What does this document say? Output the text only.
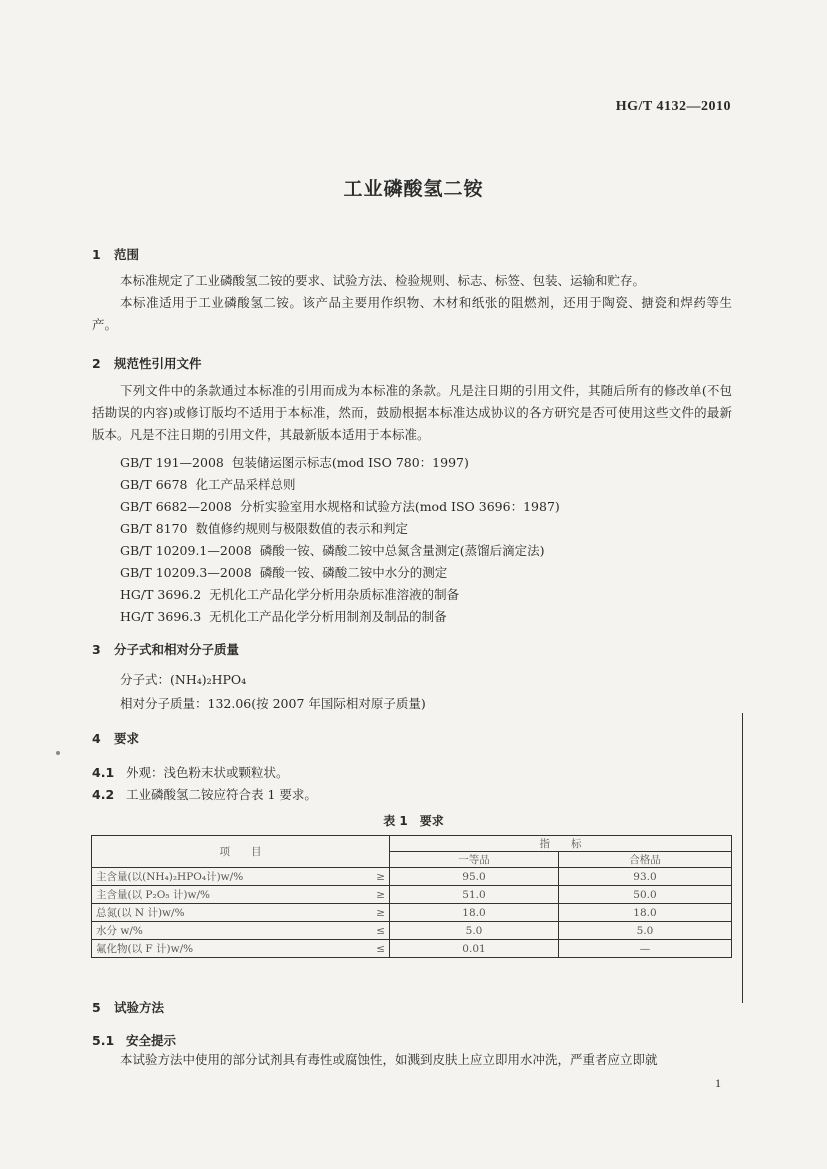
HG/T 4132—2010
工业磷酸氢二铵
1 范围
本标准规定了工业磷酸氢二铵的要求、试验方法、检验规则、标志、标签、包装、运输和贮存。
本标准适用于工业磷酸氢二铵。该产品主要用作织物、木材和纸张的阻燃剂，还用于陶瓷、搪瓷和焊药等生产。
2 规范性引用文件
下列文件中的条款通过本标准的引用而成为本标准的条款。凡是注日期的引用文件，其随后所有的修改单(不包括勘误的内容)或修订版均不适用于本标准，然而，鼓励根据本标准达成协议的各方研究是否可使用这些文件的最新版本。凡是不注日期的引用文件，其最新版本适用于本标准。
GB/T 191—2008 包装储运图示标志(mod ISO 780：1997)
GB/T 6678 化工产品采样总则
GB/T 6682—2008 分析实验室用水规格和试验方法(mod ISO 3696：1987)
GB/T 8170 数值修约规则与极限数值的表示和判定
GB/T 10209.1—2008 磷酸一铵、磷酸二铵中总氮含量测定(蒸馏后滴定法)
GB/T 10209.3—2008 磷酸一铵、磷酸二铵中水分的测定
HG/T 3696.2 无机化工产品化学分析用杂质标准溶液的制备
HG/T 3696.3 无机化工产品化学分析用制剂及制品的制备
3 分子式和相对分子质量
分子式：(NH₄)₂HPO₄
相对分子质量：132.06(按 2007 年国际相对原子质量)
4 要求
4.1 外观：浅色粉末状或颗粒状。
4.2 工业磷酸氢二铵应符合表 1 要求。
表 1　要求
项　　目		指　　标	
		一等品	合格品
主含量(以(NH₄)₂HPO₄计)w/%	≥	95.0	93.0
主含量(以 P₂O₅ 计)w/%	≥	51.0	50.0
总氮(以 N 计)w/%	≥	18.0	18.0
水分 w/%	≤	5.0	5.0
氟化物(以 F 计)w/%	≤	0.01	—
5 试验方法
5.1 安全提示
本试验方法中使用的部分试剂具有毒性或腐蚀性，如溅到皮肤上应立即用水冲洗，严重者应立即就
1
